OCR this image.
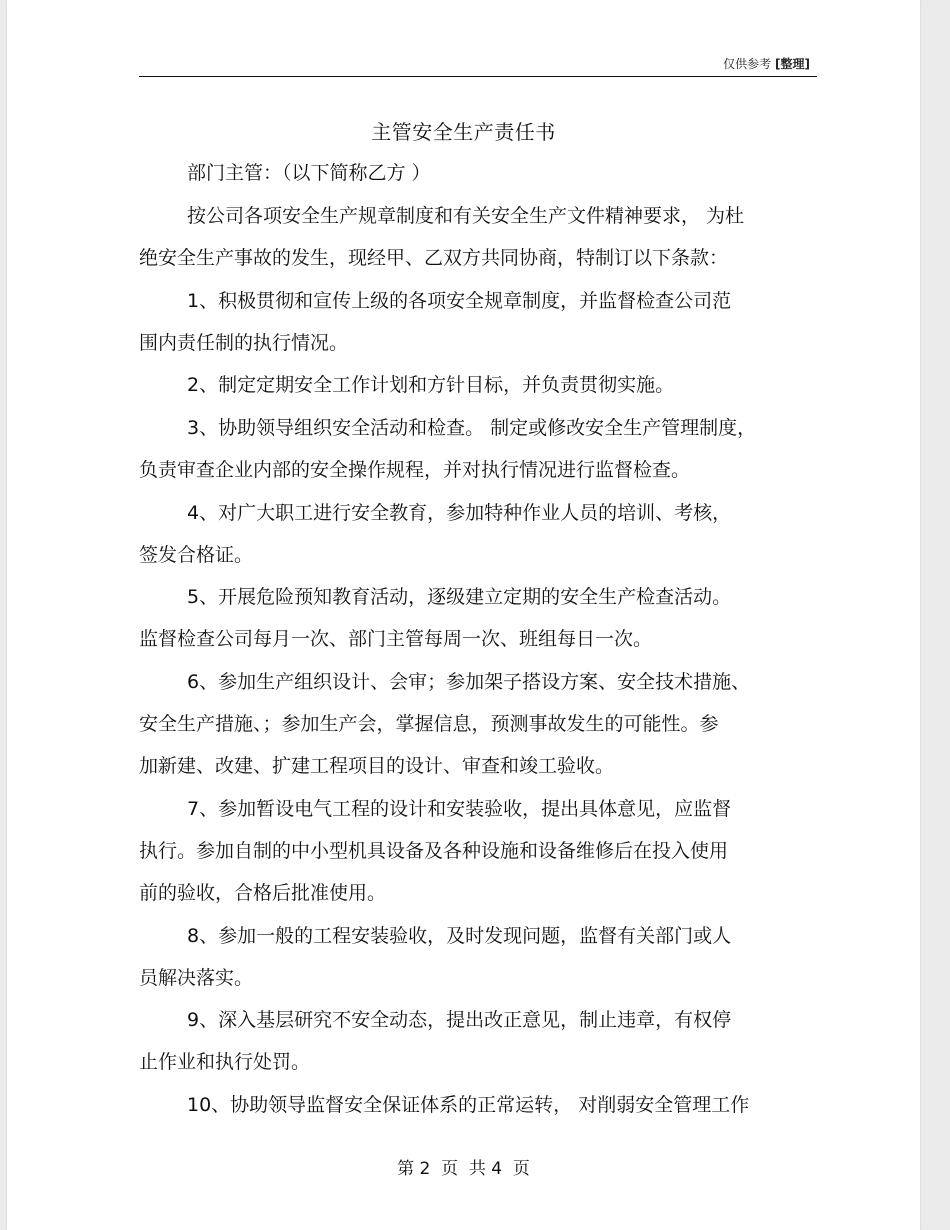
仅供参考 [整理]
主管安全生产责任书
部门主管：（以下简称乙方 ）
按公司各项安全生产规章制度和有关安全生产文件精神要求， 为杜
绝安全生产事故的发生，现经甲、乙双方共同协商，特制订以下条款：
1、积极贯彻和宣传上级的各项安全规章制度，并监督检查公司范
围内责任制的执行情况。
2、制定定期安全工作计划和方针目标，并负责贯彻实施。
3、协助领导组织安全活动和检查。 制定或修改安全生产管理制度，
负责审查企业内部的安全操作规程，并对执行情况进行监督检查。
4、对广大职工进行安全教育，参加特种作业人员的培训、考核，
签发合格证。
5、开展危险预知教育活动，逐级建立定期的安全生产检查活动。
监督检查公司每月一次、部门主管每周一次、班组每日一次。
6、参加生产组织设计、会审；参加架子搭设方案、安全技术措施、
安全生产措施、；参加生产会，掌握信息，预测事故发生的可能性。参
加新建、改建、扩建工程项目的设计、审查和竣工验收。
7、参加暂设电气工程的设计和安装验收，提出具体意见，应监督
执行。参加自制的中小型机具设备及各种设施和设备维修后在投入使用
前的验收，合格后批准使用。
8、参加一般的工程安装验收，及时发现问题，监督有关部门或人
员解决落实。
9、深入基层研究不安全动态，提出改正意见，制止违章，有权停
止作业和执行处罚。
10、协助领导监督安全保证体系的正常运转， 对削弱安全管理工作
第 2  页  共 4  页
